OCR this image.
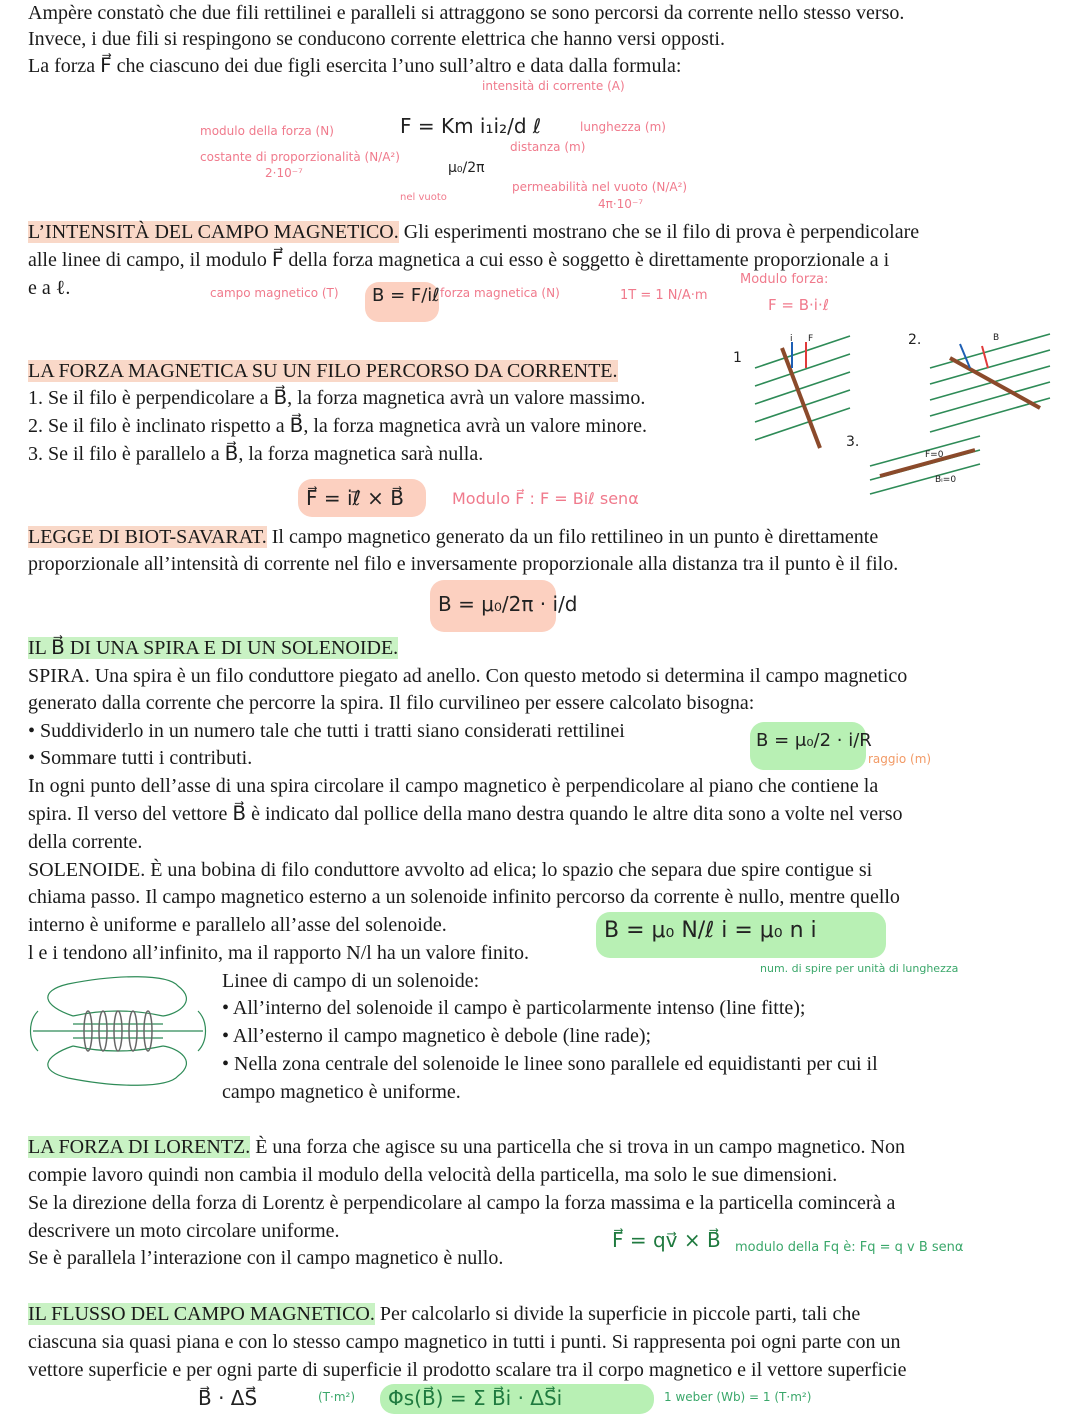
Ampère constatò che due fili rettilinei e paralleli si attraggono se sono percorsi da corrente nello stesso verso.
Invece, i due fili si respingono se conducono corrente elettrica che hanno versi opposti.
La forza F⃗ che ciascuno dei due figli esercita l’uno sull’altro e data dalla formula:
intensità di corrente (A)
modulo della forza (N)	F = Km i₁i₂/d ℓ	lunghezza (m)
distanza (m)
costante di proporzionalità (N/A²)
2·10⁻⁷	μ₀/2π
nel vuoto
permeabilità nel vuoto (N/A²)
4π·10⁻⁷
L’INTENSITÀ DEL CAMPO MAGNETICO. Gli esperimenti mostrano che se il filo di prova è perpendicolare
alle linee di campo, il modulo F⃗ della forza magnetica a cui esso è soggetto è direttamente proporzionale a i
e a ℓ.	campo magnetico (T) B = F/iℓ forza magnetica (N)	1T = 1 N/A·m
Modulo forza:
F = B·i·ℓ
LA FORZA MAGNETICA SU UN FILO PERCORSO DA CORRENTE.
1. Se il filo è perpendicolare a B⃗, la forza magnetica avrà un valore massimo.
2. Se il filo è inclinato rispetto a B⃗, la forza magnetica avrà un valore minore.
3. Se il filo è parallelo a B⃗, la forza magnetica sarà nulla.
1
2.
3.
F	B
i
F=0
Bᵢ=0
F⃗ = iℓ⃗ × B⃗	Modulo F⃗ : F = Biℓ senα
LEGGE DI BIOT-SAVARAT. Il campo magnetico generato da un filo rettilineo in un punto è direttamente
proporzionale all’intensità di corrente nel filo e inversamente proporzionale alla distanza tra il punto è il filo.
B = μ₀/2π · i/d
IL B⃗ DI UNA SPIRA E DI UN SOLENOIDE.
SPIRA. Una spira è un filo conduttore piegato ad anello. Con questo metodo si determina il campo magnetico
generato dalla corrente che percorre la spira. Il filo curvilineo per essere calcolato bisogna:
• Suddividerlo in un numero tale che tutti i tratti siano considerati rettilinei
• Sommare tutti i contributi.
In ogni punto dell’asse di una spira circolare il campo magnetico è perpendicolare al piano che contiene la
spira. Il verso del vettore B⃗ è indicato dal pollice della mano destra quando le altre dita sono a volte nel verso
della corrente.
SOLENOIDE. È una bobina di filo conduttore avvolto ad elica; lo spazio che separa due spire contigue si
chiama passo. Il campo magnetico esterno a un solenoide infinito percorso da corrente è nullo, mentre quello
interno è uniforme e parallelo all’asse del solenoide.
l e i tendono all’infinito, ma il rapporto N/l ha un valore finito.
B = μ₀/2 · i/R
raggio (m)
B = μ₀ N/ℓ i = μ₀ n i
num. di spire per unità di lunghezza
Linee di campo di un solenoide:
• All’interno del solenoide il campo è particolarmente intenso (line fitte);
• All’esterno il campo magnetico è debole (line rade);
• Nella zona centrale del solenoide le linee sono parallele ed equidistanti per cui il
campo magnetico è uniforme.
LA FORZA DI LORENTZ. È una forza che agisce su una particella che si trova in un campo magnetico. Non
compie lavoro quindi non cambia il modulo della velocità della particella, ma solo le sue dimensioni.
Se la direzione della forza di Lorentz è perpendicolare al campo la forza massima e la particella comincerà a
descrivere un moto circolare uniforme.
Se è parallela l’interazione con il campo magnetico è nullo.
F⃗ = qv⃗ × B⃗ modulo della Fq è: Fq = q v B senα
IL FLUSSO DEL CAMPO MAGNETICO. Per calcolarlo si divide la superficie in piccole parti, tali che
ciascuna sia quasi piana e con lo stesso campo magnetico in tutti i punti. Si rappresenta poi ogni parte con un
vettore superficie e per ogni parte di superficie il prodotto scalare tra il corpo magnetico e il vettore superficie
B⃗ · ΔS⃗	(T·m²) Φs(B⃗) = Σ B⃗i · ΔS⃗i	1 weber (Wb) = 1 (T·m²)
